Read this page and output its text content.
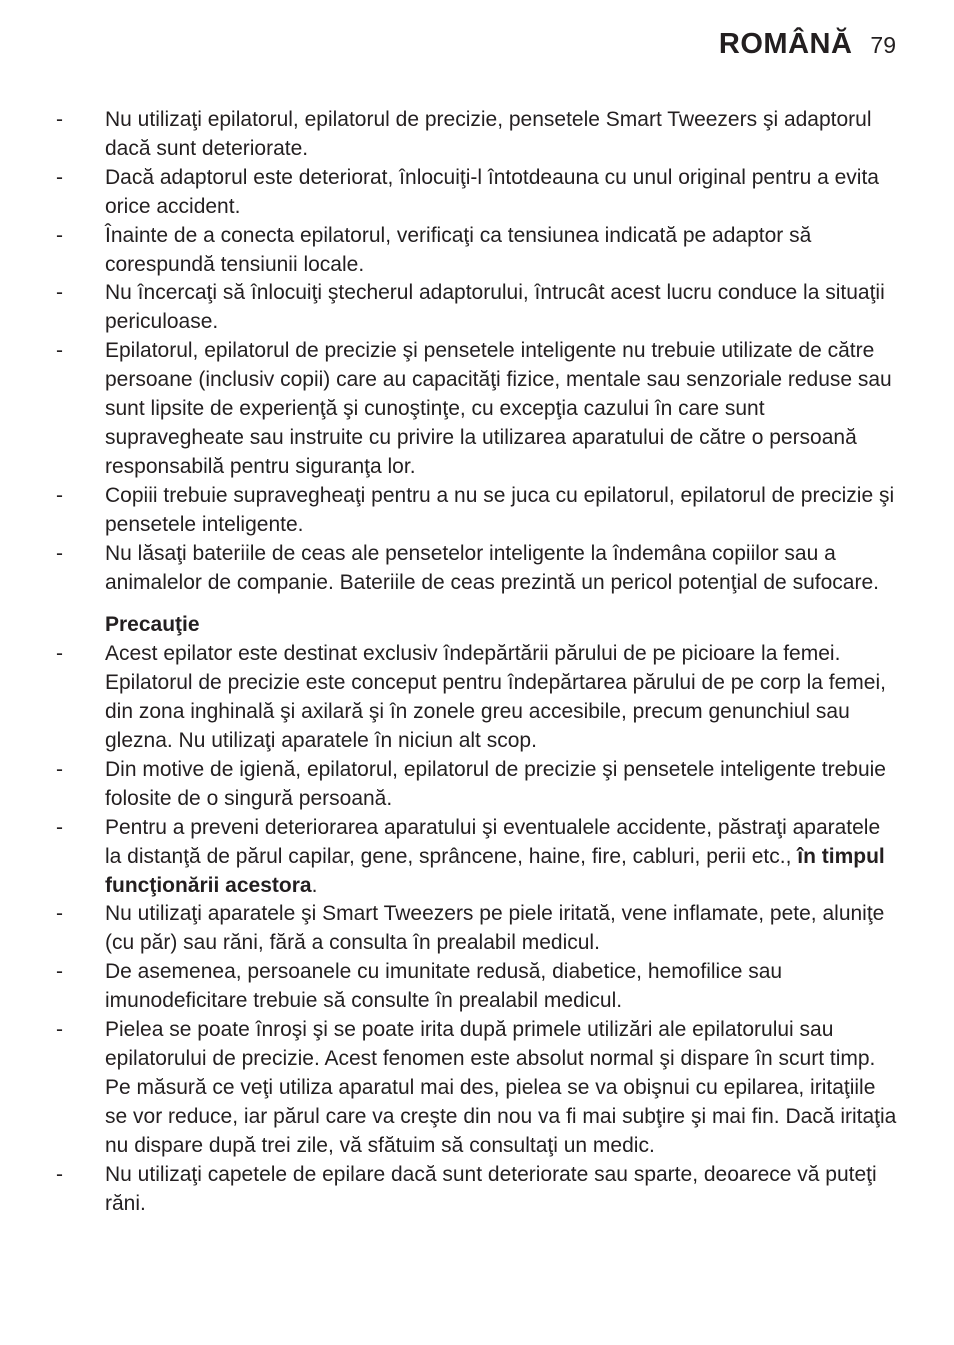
ROMÂNĂ 79
-	Nu utilizaţi epilatorul, epilatorul de precizie, pensetele Smart Tweezers şi adaptorul dacă sunt deteriorate.
-	Dacă adaptorul este deteriorat, înlocuiţi-l întotdeauna cu unul original pentru a evita orice accident.
-	Înainte de a conecta epilatorul, verificaţi ca tensiunea indicată pe adaptor să corespundă tensiunii locale.
-	Nu încercaţi să înlocuiţi ştecherul adaptorului, întrucât acest lucru conduce la situaţii periculoase.
-	Epilatorul, epilatorul de precizie şi pensetele inteligente nu trebuie utilizate de către persoane (inclusiv copii) care au capacităţi fizice, mentale sau senzoriale reduse sau sunt lipsite de experienţă şi cunoştinţe, cu excepţia cazului în care sunt supravegheate sau instruite cu privire la utilizarea aparatului de către o persoană responsabilă pentru siguranţa lor.
-	Copiii trebuie supravegheaţi pentru a nu se juca cu epilatorul, epilatorul de precizie şi pensetele inteligente.
-	Nu lăsaţi bateriile de ceas ale pensetelor inteligente la îndemâna copiilor sau a animalelor de companie. Bateriile de ceas prezintă un pericol potenţial de sufocare.
Precauţie
-	Acest epilator este destinat exclusiv îndepărtării părului de pe picioare la femei. Epilatorul de precizie este conceput pentru îndepărtarea părului de pe corp la femei, din zona inghinală şi axilară şi în zonele greu accesibile, precum genunchiul sau glezna. Nu utilizaţi aparatele în niciun alt scop.
-	Din motive de igienă, epilatorul, epilatorul de precizie şi pensetele inteligente trebuie folosite de o singură persoană.
-	Pentru a preveni deteriorarea aparatului şi eventualele accidente, păstraţi aparatele la distanţă de părul capilar, gene, sprâncene, haine, fire, cabluri, perii etc., în timpul funcţionării acestora.
-	Nu utilizaţi aparatele şi Smart Tweezers pe piele iritată, vene inflamate, pete, aluniţe (cu păr) sau răni, fără a consulta în prealabil medicul.
-	De asemenea, persoanele cu imunitate redusă, diabetice, hemofilice sau imunodeficitare trebuie să consulte în prealabil medicul.
-	Pielea se poate înroşi şi se poate irita după primele utilizări ale epilatorului sau epilatorului de precizie. Acest fenomen este absolut normal şi dispare în scurt timp. Pe măsură ce veţi utiliza aparatul mai des, pielea se va obişnui cu epilarea, iritaţiile se vor reduce, iar părul care va creşte din nou va fi mai subţire şi mai fin. Dacă iritaţia nu dispare după trei zile, vă sfătuim să consultaţi un medic.
-	Nu utilizaţi capetele de epilare dacă sunt deteriorate sau sparte, deoarece vă puteţi răni.
